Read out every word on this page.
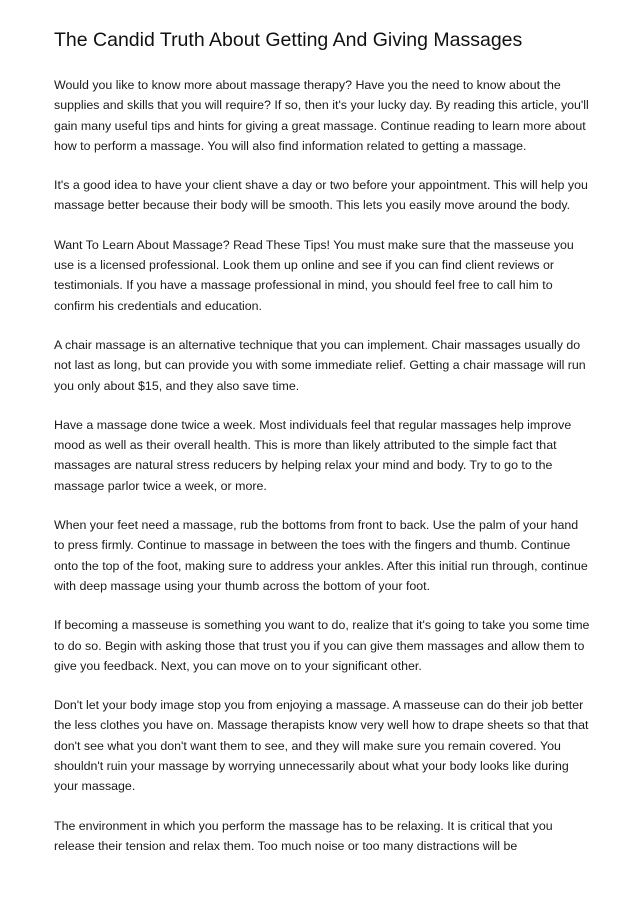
The Candid Truth About Getting And Giving Massages

Would you like to know more about massage therapy? Have you the need to know about the supplies and skills that you will require? If so, then it's your lucky day. By reading this article, you'll gain many useful tips and hints for giving a great massage. Continue reading to learn more about how to perform a massage. You will also find information related to getting a massage.

It's a good idea to have your client shave a day or two before your appointment. This will help you massage better because their body will be smooth. This lets you easily move around the body.

Want To Learn About Massage? Read These Tips! You must make sure that the masseuse you use is a licensed professional. Look them up online and see if you can find client reviews or testimonials. If you have a massage professional in mind, you should feel free to call him to confirm his credentials and education.

A chair massage is an alternative technique that you can implement. Chair massages usually do not last as long, but can provide you with some immediate relief. Getting a chair massage will run you only about $15, and they also save time.

Have a massage done twice a week. Most individuals feel that regular massages help improve mood as well as their overall health. This is more than likely attributed to the simple fact that massages are natural stress reducers by helping relax your mind and body. Try to go to the massage parlor twice a week, or more.

When your feet need a massage, rub the bottoms from front to back. Use the palm of your hand to press firmly. Continue to massage in between the toes with the fingers and thumb. Continue onto the top of the foot, making sure to address your ankles. After this initial run through, continue with deep massage using your thumb across the bottom of your foot.

If becoming a masseuse is something you want to do, realize that it's going to take you some time to do so. Begin with asking those that trust you if you can give them massages and allow them to give you feedback. Next, you can move on to your significant other.

Don't let your body image stop you from enjoying a massage. A masseuse can do their job better the less clothes you have on. Massage therapists know very well how to drape sheets so that that don't see what you don't want them to see, and they will make sure you remain covered. You shouldn't ruin your massage by worrying unnecessarily about what your body looks like during your massage.

The environment in which you perform the massage has to be relaxing. It is critical that you release their tension and relax them. Too much noise or too many distractions will be
